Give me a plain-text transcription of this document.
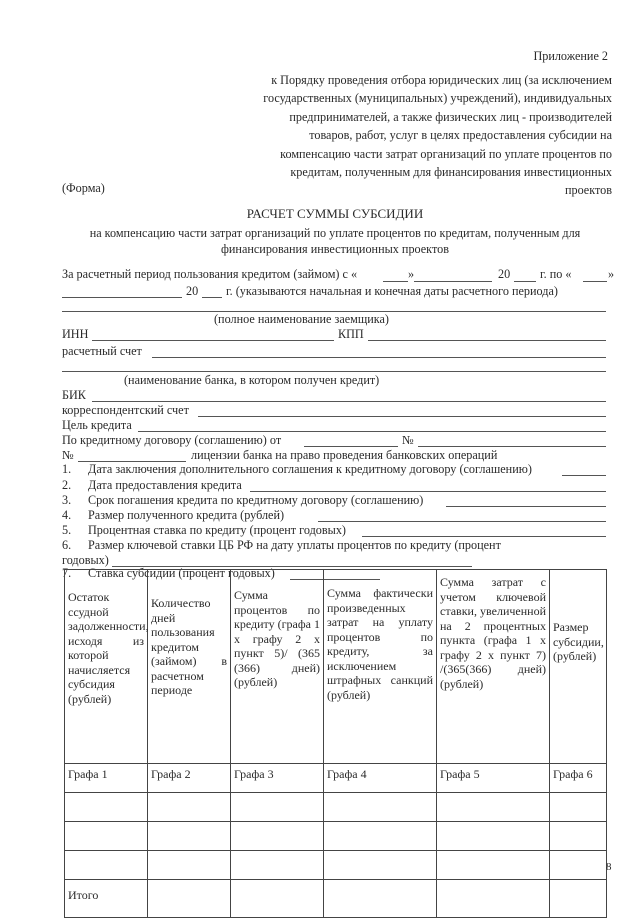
Приложение 2
к Порядку проведения отбора юридических лиц (за исключением
государственных (муниципальных) учреждений), индивидуальных
предпринимателей, а также физических лиц - производителей
товаров, работ, услуг в целях предоставления субсидии на
компенсацию части затрат организаций по уплате процентов по
кредитам, полученным для финансирования инвестиционных
проектов
(Форма)
РАСЧЕТ СУММЫ СУБСИДИИ
на компенсацию части затрат организаций по уплате процентов по кредитам, полученным для
финансирования инвестиционных проектов
За расчетный период пользования кредитом (займом) с «	»	20 г. по «	»
20 г. (указываются начальная и конечная даты расчетного периода)
(полное наименование заемщика)
ИНН	КПП
расчетный счет
(наименование банка, в котором получен кредит)
БИК
корреспондентский счет
Цель кредита
По кредитному договору (соглашению) от	№
№	лицензии банка на право проведения банковских операций
1. Дата заключения дополнительного соглашения к кредитному договору (соглашению)
2. Дата предоставления кредита
3. Срок погашения кредита по кредитному договору (соглашению)
4. Размер полученного кредита (рублей)
5. Процентная ставка по кредиту (процент годовых)
6. Размер ключевой ставки ЦБ РФ на дату уплаты процентов по кредиту (процент
годовых)
7. Ставка субсидии (процент годовых)
Остаток ссудной задолженности, исходя из которой начисляется субсидия (рублей)	Количество дней пользования кредитом (займом) в расчетном периоде	Сумма процентов по кредиту (графа 1 x графу 2 x пункт 5)/ (365 (366) дней) (рублей)	Сумма фактически произведенных затрат на уплату процентов по кредиту, за исключением штрафных санкций (рублей)	Сумма затрат с учетом ключевой ставки, увеличенной на 2 процентных пункта (графа 1 x графу 2 x пункт 7) /(365(366) дней) (рублей)	Размер субсидии, (рублей)
Графа 1	Графа 2	Графа 3	Графа 4	Графа 5	Графа 6

Итого					
8
